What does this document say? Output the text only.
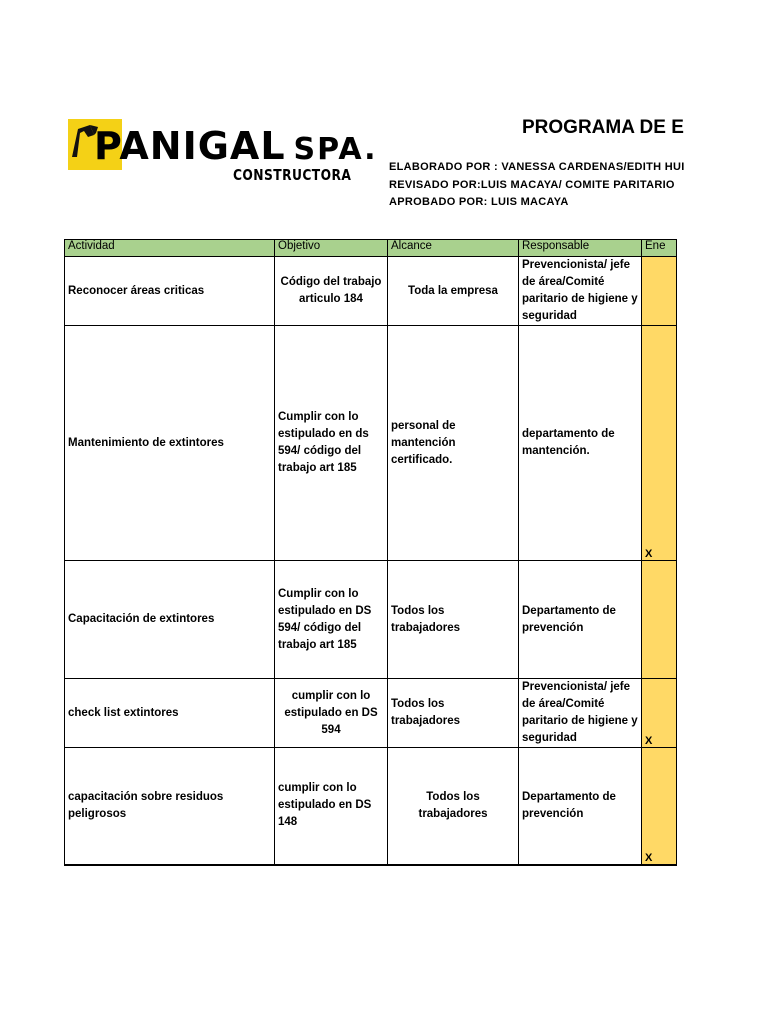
PANIGAL SPA.
CONSTRUCTORA
PROGRAMA DE E
ELABORADO POR : VANESSA CARDENAS/EDITH HUI
REVISADO POR:LUIS MACAYA/ COMITE PARITARIO
APROBADO POR: LUIS MACAYA
Actividad	Objetivo	Alcance	Responsable	Ene
Reconocer áreas criticas	Código del trabajo articulo 184	Toda la empresa	Prevencionista/ jefe de área/Comité paritario de higiene y seguridad	
Mantenimiento de extintores	Cumplir con lo estipulado en ds 594/ código del trabajo art 185	personal de mantención certificado.	departamento de mantención.	X
Capacitación de extintores	Cumplir con lo estipulado en DS 594/ código del trabajo art 185	Todos los trabajadores	Departamento de prevención	
check list extintores	cumplir con lo estipulado en DS 594	Todos los trabajadores	Prevencionista/ jefe de área/Comité paritario de higiene y seguridad	X
capacitación sobre residuos peligrosos	cumplir con lo estipulado en DS 148	Todos los trabajadores	Departamento de prevención	X
